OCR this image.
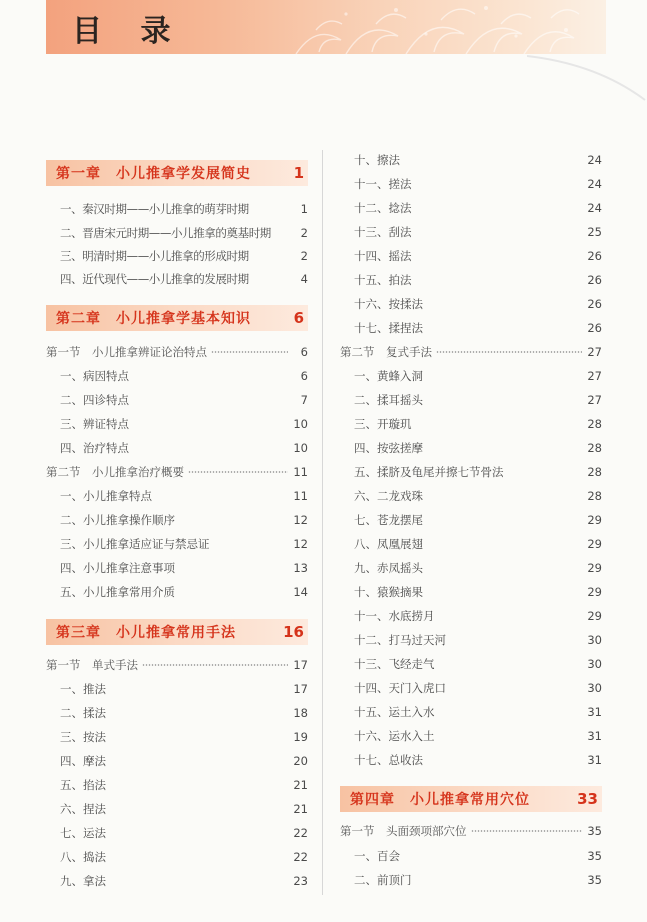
目 录
第一章　小儿推拿学发展简史	1
一、秦汉时期——小儿推拿的萌芽时期	1
二、晋唐宋元时期——小儿推拿的奠基时期	2
三、明清时期——小儿推拿的形成时期	2
四、近代现代——小儿推拿的发展时期	4
第二章　小儿推拿学基本知识	6
第一节　小儿推拿辨证论治特点	6
一、病因特点	6
二、四诊特点	7
三、辨证特点	10
四、治疗特点	10
第二节　小儿推拿治疗概要	11
一、小儿推拿特点	11
二、小儿推拿操作顺序	12
三、小儿推拿适应证与禁忌证	12
四、小儿推拿注意事项	13
五、小儿推拿常用介质	14
第三章　小儿推拿常用手法	16
第一节　单式手法	17
一、推法	17
二、揉法	18
三、按法	19
四、摩法	20
五、掐法	21
六、捏法	21
七、运法	22
八、捣法	22
九、拿法	23
十、擦法	24
十一、搓法	24
十二、捻法	24
十三、刮法	25
十四、摇法	26
十五、拍法	26
十六、按揉法	26
十七、揉捏法	26
第二节　复式手法	27
一、黄蜂入洞	27
二、揉耳摇头	27
三、开璇玑	28
四、按弦搓摩	28
五、揉脐及龟尾并擦七节骨法	28
六、二龙戏珠	28
七、苍龙摆尾	29
八、凤凰展翅	29
九、赤凤摇头	29
十、猿猴摘果	29
十一、水底捞月	29
十二、打马过天河	30
十三、飞经走气	30
十四、天门入虎口	30
十五、运土入水	31
十六、运水入土	31
十七、总收法	31
第四章　小儿推拿常用穴位	33
第一节　头面颈项部穴位	35
一、百会	35
二、前顶门	35
